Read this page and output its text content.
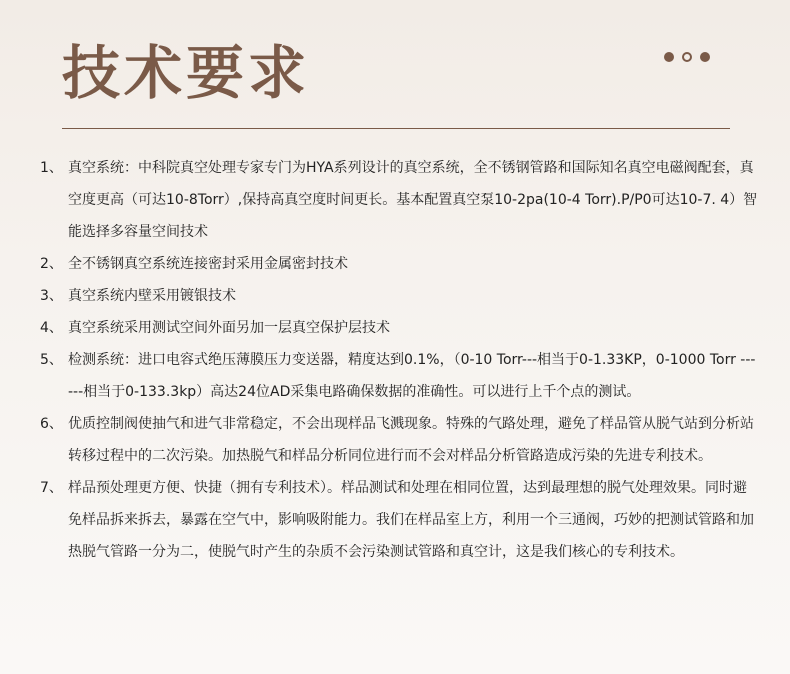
技术要求
1、 真空系统：中科院真空处理专家专门为HYA系列设计的真空系统，全不锈钢管路和国际知名真空电磁阀配套，真空度更高（可达10-8Torr）,保持高真空度时间更长。基本配置真空泵10-2pa(10-4 Torr).P/P0可达10-7. 4）智能选择多容量空间技术
2、 全不锈钢真空系统连接密封采用金属密封技术
3、 真空系统内壁采用镀银技术
4、 真空系统采用测试空间外面另加一层真空保护层技术
5、 检测系统：进口电容式绝压薄膜压力变送器，精度达到0.1%，（0-10 Torr---相当于0-1.33KP，0-1000 Torr ------相当于0-133.3kp）高达24位AD采集电路确保数据的准确性。可以进行上千个点的测试。
6、 优质控制阀使抽气和进气非常稳定，不会出现样品飞溅现象。特殊的气路处理，避免了样品管从脱气站到分析站转移过程中的二次污染。加热脱气和样品分析同位进行而不会对样品分析管路造成污染的先进专利技术。
7、 样品预处理更方便、快捷（拥有专利技术）。样品测试和处理在相同位置，达到最理想的脱气处理效果。同时避免样品拆来拆去，暴露在空气中，影响吸附能力。我们在样品室上方，利用一个三通阀，巧妙的把测试管路和加热脱气管路一分为二，使脱气时产生的杂质不会污染测试管路和真空计，这是我们核心的专利技术。
